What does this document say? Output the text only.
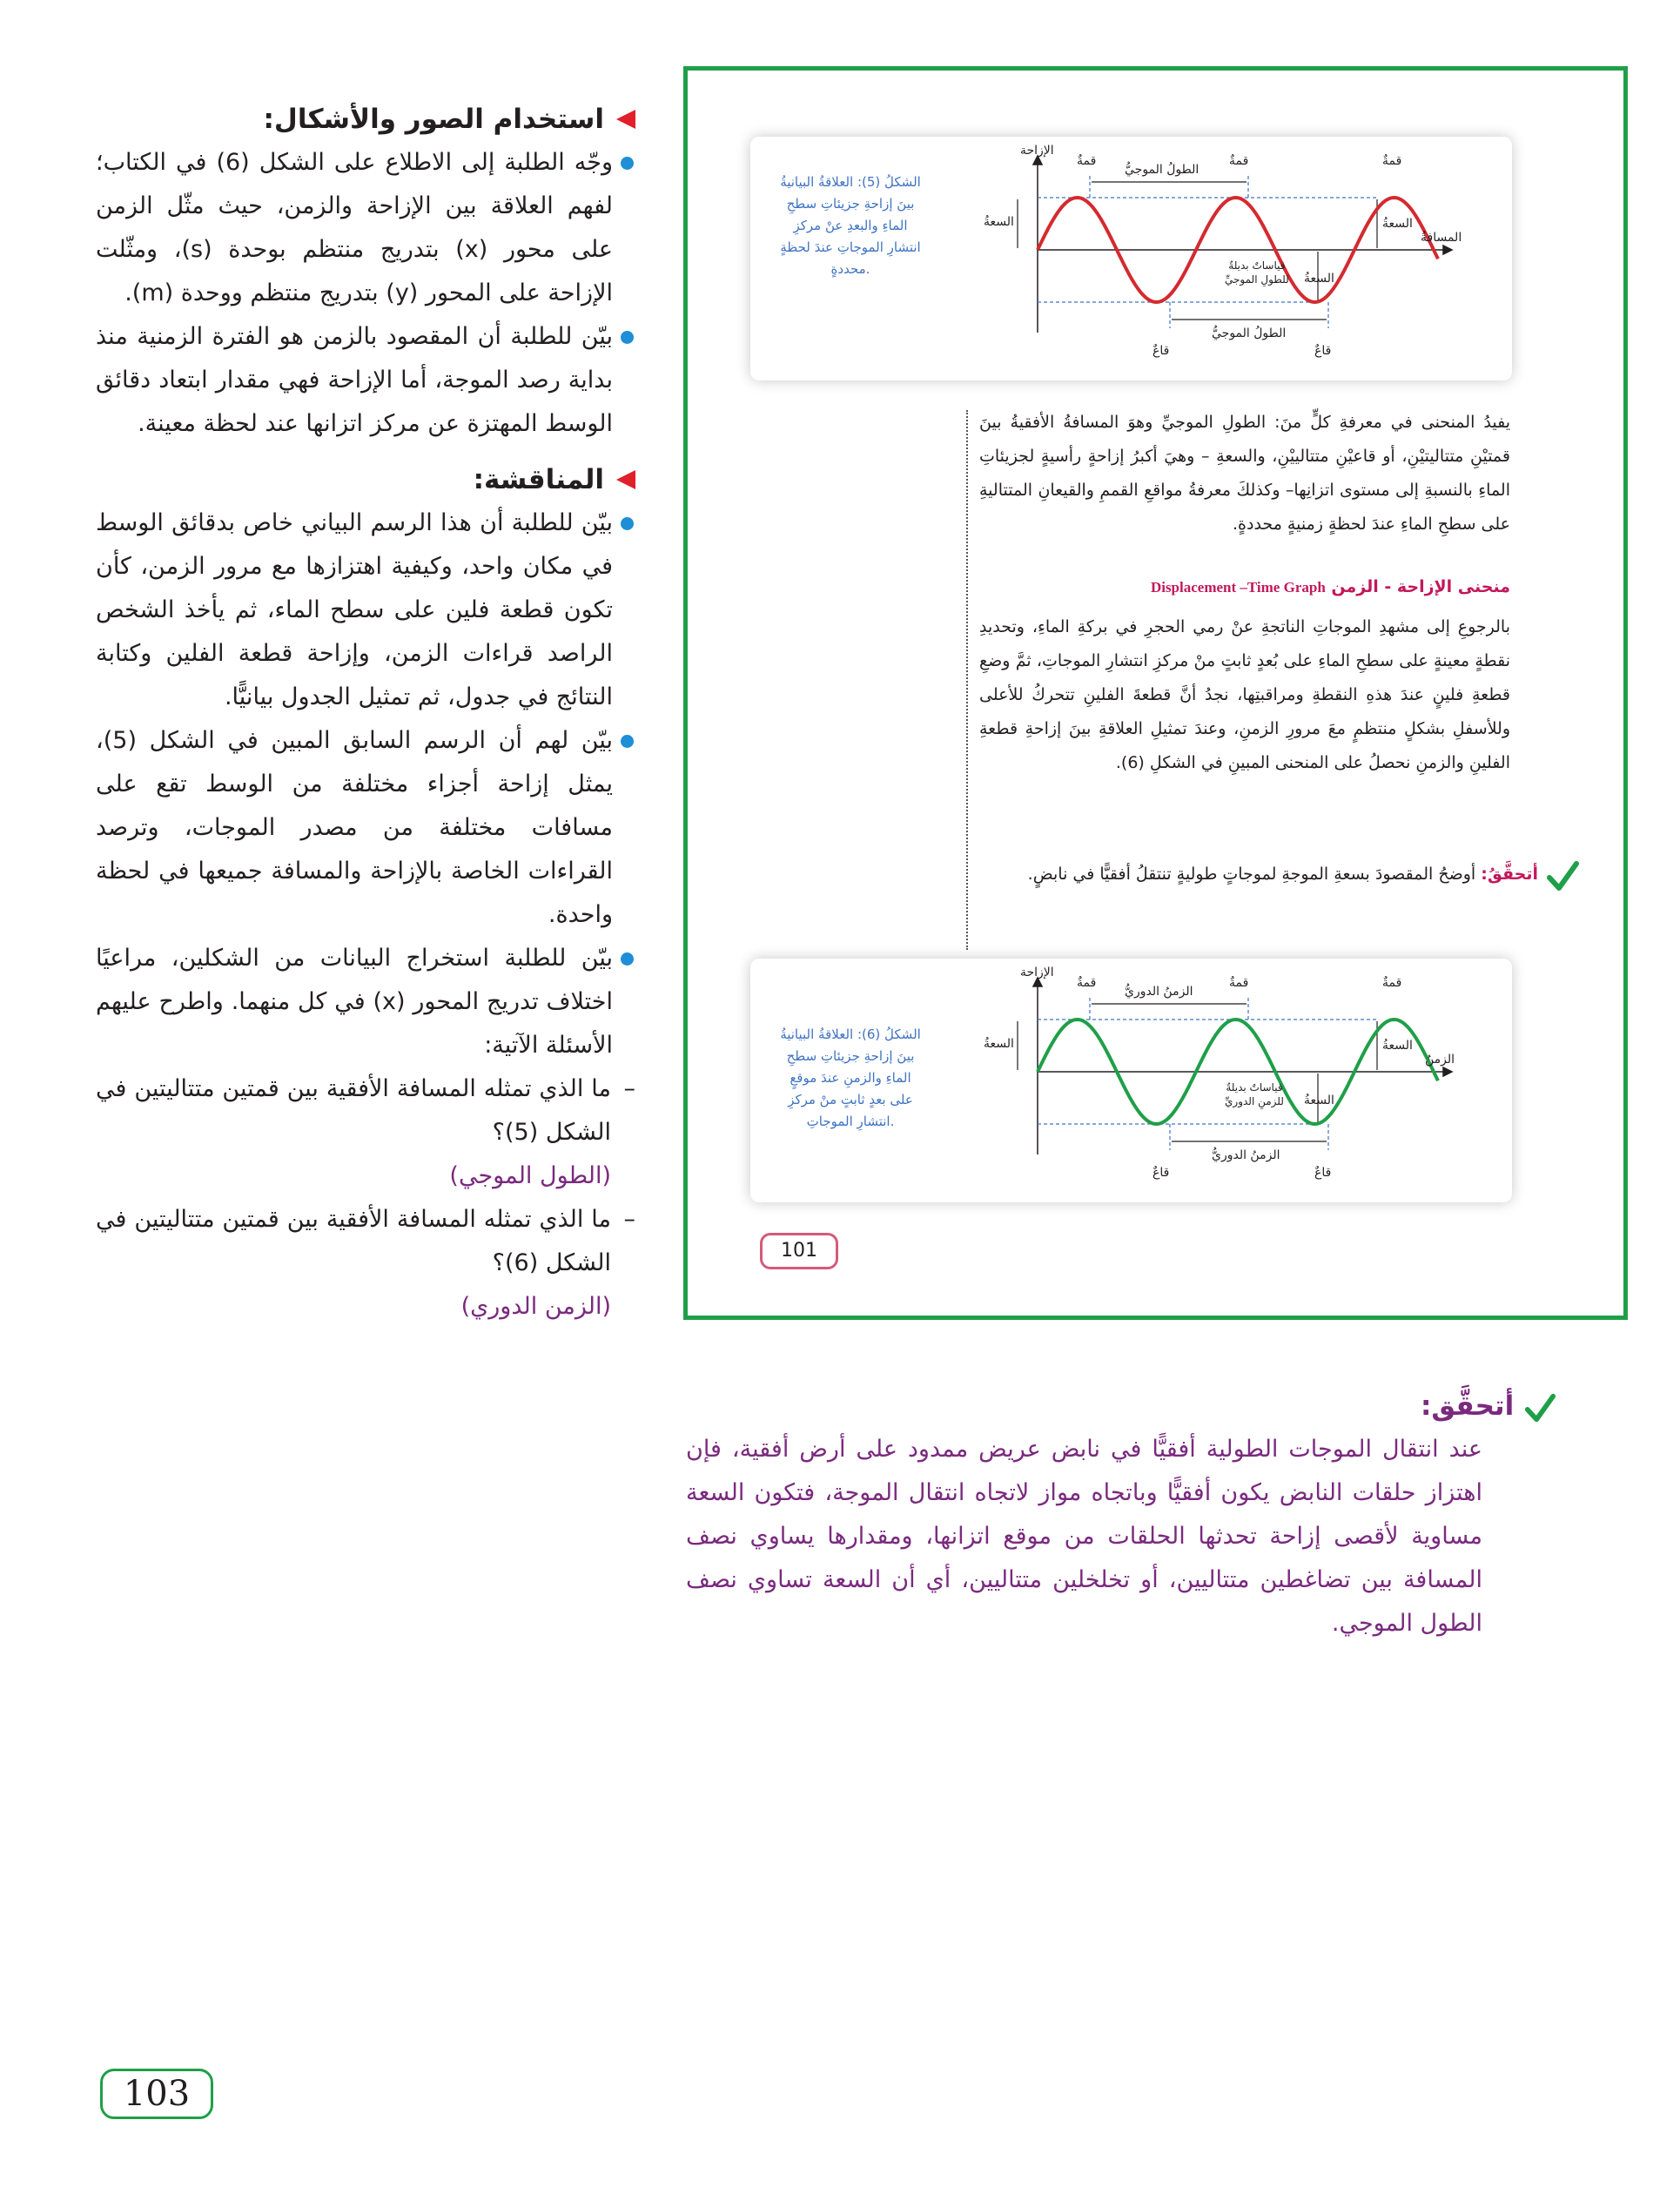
استخدام الصور والأشكال:

وجّه الطلبة إلى الاطلاع على الشكل (6) في الكتاب؛ لفهم العلاقة بين الإزاحة والزمن، حيث مثّل الزمن على محور (x) بتدريج منتظم بوحدة (s)، ومثّلت الإزاحة على المحور (y) بتدريج منتظم ووحدة (m).

بيّن للطلبة أن المقصود بالزمن هو الفترة الزمنية منذ بداية رصد الموجة، أما الإزاحة فهي مقدار ابتعاد دقائق الوسط المهتزة عن مركز اتزانها عند لحظة معينة.

المناقشة:

بيّن للطلبة أن هذا الرسم البياني خاص بدقائق الوسط في مكان واحد، وكيفية اهتزازها مع مرور الزمن، كأن تكون قطعة فلين على سطح الماء، ثم يأخذ الشخص الراصد قراءات الزمن، وإزاحة قطعة الفلين وكتابة النتائج في جدول، ثم تمثيل الجدول بيانيًّا.

بيّن لهم أن الرسم السابق المبين في الشكل (5)، يمثل إزاحة أجزاء مختلفة من الوسط تقع على مسافات مختلفة من مصدر الموجات، وترصد القراءات الخاصة بالإزاحة والمسافة جميعها في لحظة واحدة.

بيّن للطلبة استخراج البيانات من الشكلين، مراعيًا اختلاف تدريج المحور (x) في كل منهما. واطرح عليهم الأسئلة الآتية:

–
ما الذي تمثله المسافة الأفقية بين قمتين متتاليتين في الشكل (5)؟

(الطول الموجي)

–
ما الذي تمثله المسافة الأفقية بين قمتين متتاليتين في الشكل (6)؟

(الزمن الدوري)

الإزاحة
قمةٌ
الطولُ الموجيُّ
قمةٌ	قمةٌ
السعةُ	السعةُ
المسافةُ
السعةُ
قياساتٌ بديلةٌ
للطولِ الموجيِّ
الطولُ الموجيُّ
قاعٌ	قاعٌ
الشكلُ (5): العلاقةُ البيانيةُ بينَ إزاحةِ جزيئاتِ سطحِ الماءِ والبعدِ عنْ مركزِ انتشارِ الموجاتِ عندَ لحظةٍ محددةٍ.

يفيدُ المنحنى في معرفةِ كلٍّ منَ: الطولِ الموجيِّ وهوَ المسافةُ الأفقيةُ بينَ قمتيْنِ متتاليتيْنِ، أو قاعيْنِ متتالييْنِ، والسعةِ – وهيَ أكبرُ إزاحةٍ رأسيةٍ لجزيئاتِ الماءِ بالنسبةِ إلى مستوى اتزانِها– وكذلكَ معرفةُ مواقعِ القممِ والقيعانِ المتتاليةِ على سطحِ الماءِ عندَ لحظةٍ زمنيةٍ محددةٍ.

منحنى الإزاحة - الزمن Displacement –Time Graph

بالرجوعِ إلى مشهدِ الموجاتِ الناتجةِ عنْ رمي الحجرِ في بركةِ الماءِ، وتحديدِ نقطةٍ معينةٍ على سطحِ الماءِ على بُعدٍ ثابتٍ منْ مركزِ انتشارِ الموجاتِ، ثمَّ وضعِ قطعةِ فلينٍ عندَ هذهِ النقطةِ ومراقبتِها، نجدُ أنَّ قطعةَ الفلينِ تتحركُ للأعلى وللأسفلِ بشكلٍ منتظمٍ معَ مرورِ الزمنِ، وعندَ تمثيلِ العلاقةِ بينَ إزاحةِ قطعةِ الفلينِ والزمنِ نحصلُ على المنحنى المبينِ في الشكلِ (6).

أتحقَّقُ: أوضحُ المقصودَ بسعةِ الموجةِ لموجاتٍ طوليةٍ تنتقلُ أفقيًّا في نابضٍ.
الإزاحة
قمةٌ
الزمنُ الدوريُّ
قمةٌ	قمةٌ
السعةُ	السعةُ
الزمنُ
السعةُ
قياساتٌ بديلةٌ
للزمنِ الدوريِّ
الزمنُ الدوريُّ
قاعٌ	قاعٌ
الشكلُ (6): العلاقةُ البيانيةُ بينَ إزاحةِ جزيئاتِ سطحِ الماءِ والزمنِ عندَ موقعٍ على بعدٍ ثابتٍ منْ مركزِ انتشارِ الموجاتِ.
101
أتحقَّق:

عند انتقال الموجات الطولية أفقيًّا في نابض عريض ممدود على أرض أفقية، فإن اهتزاز حلقات النابض يكون أفقيًّا وباتجاه مواز لاتجاه انتقال الموجة، فتكون السعة مساوية لأقصى إزاحة تحدثها الحلقات من موقع اتزانها، ومقدارها يساوي نصف المسافة بين تضاغطين متتاليين، أو تخلخلين متتاليين، أي أن السعة تساوي نصف الطول الموجي.

103
